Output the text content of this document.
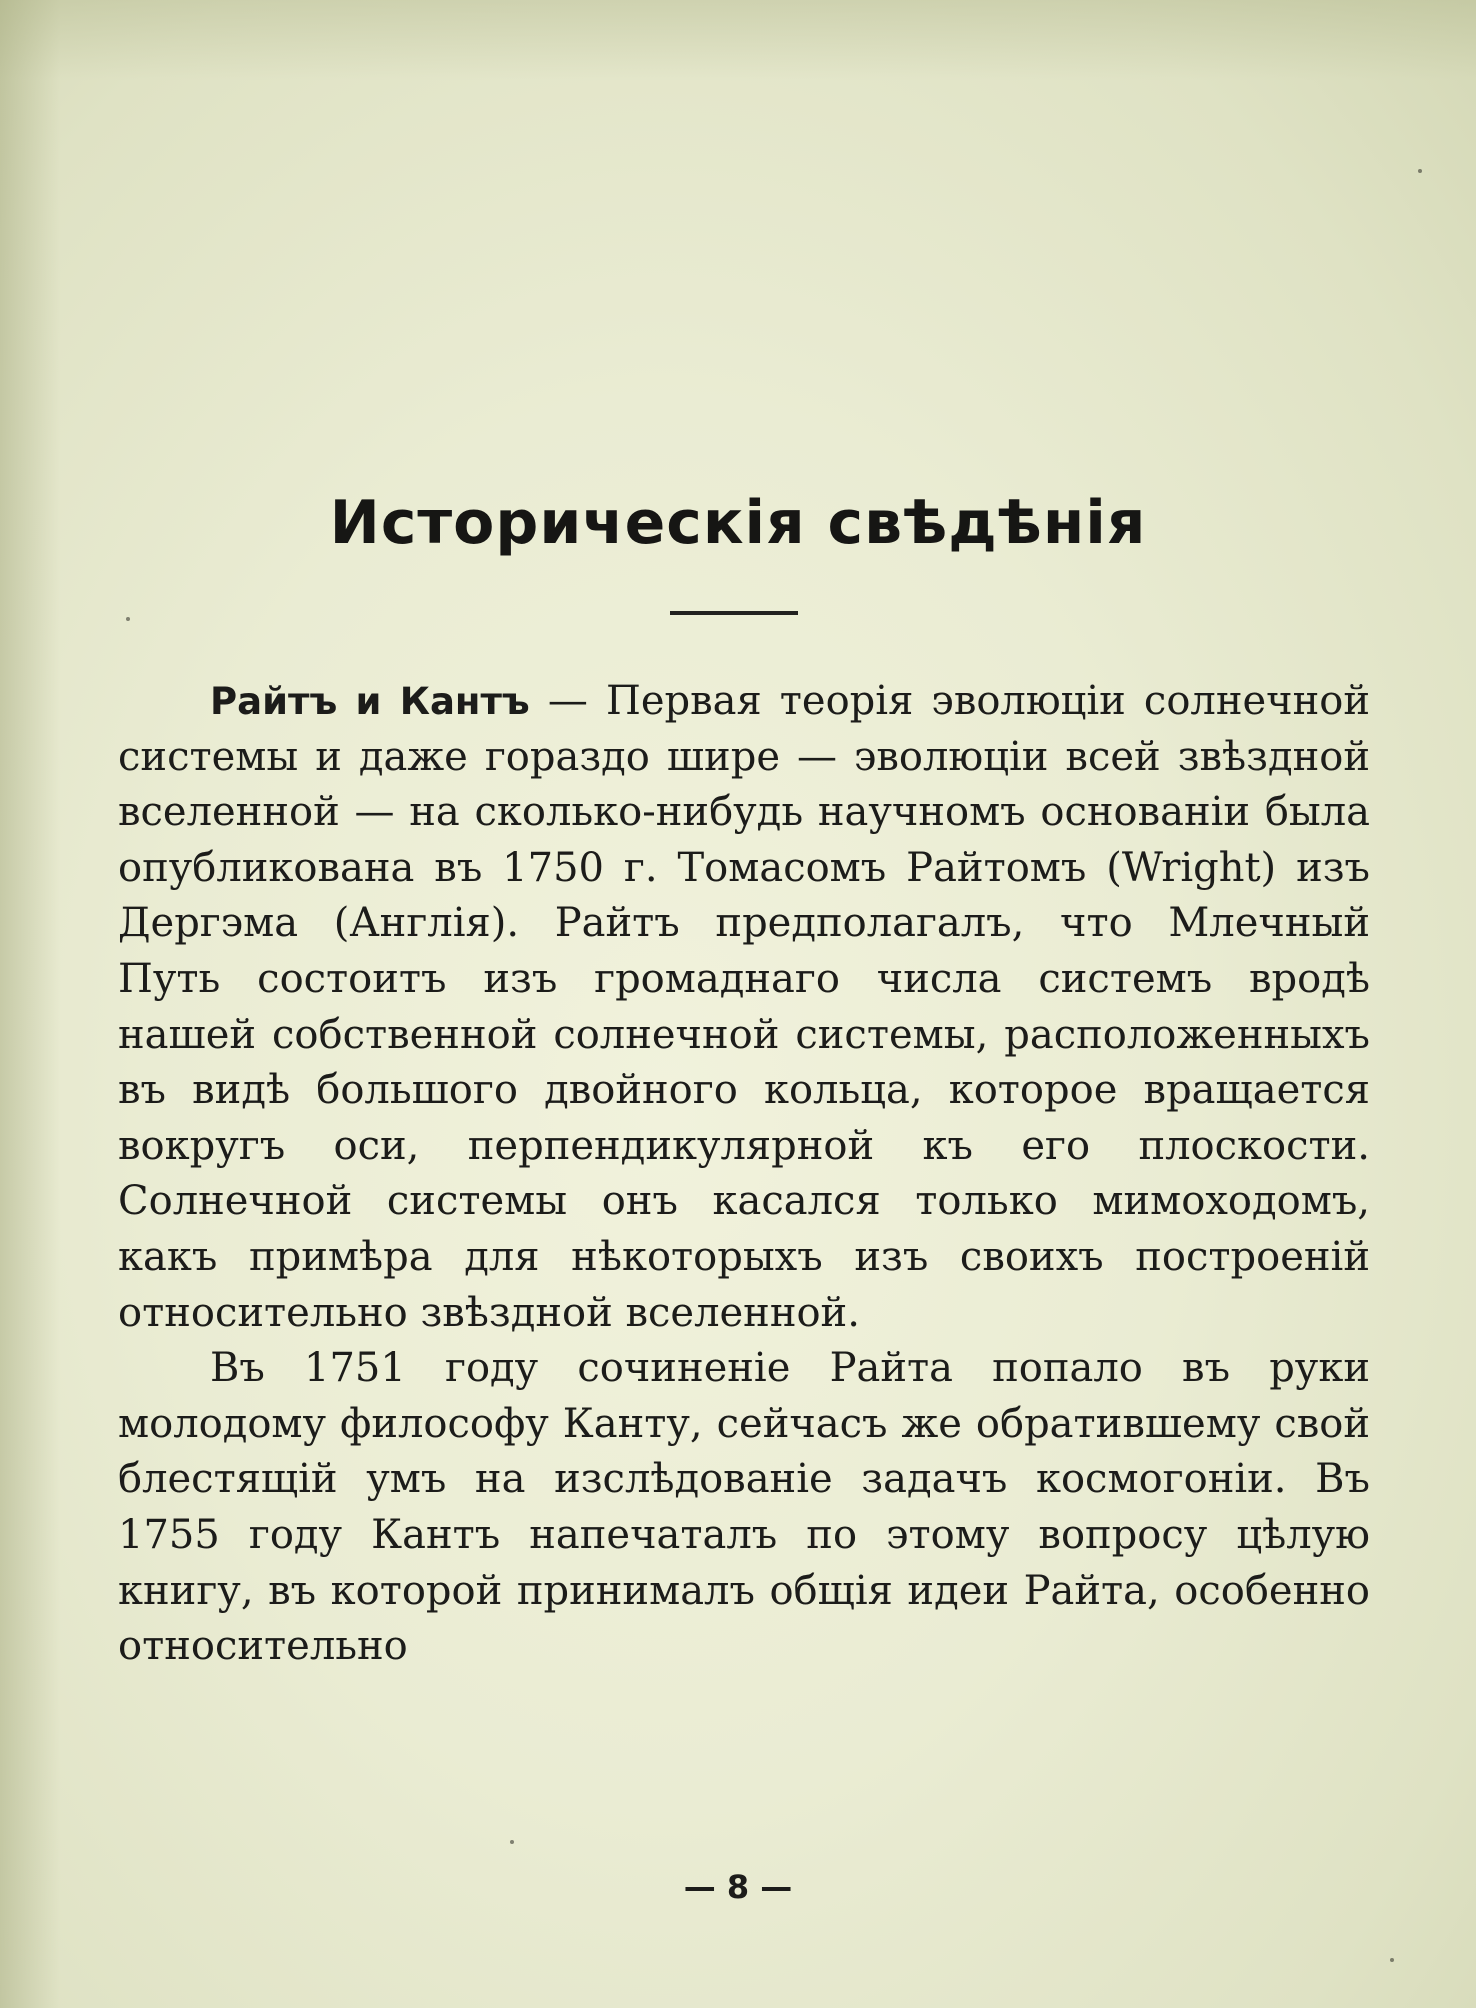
Историческія свѣдѣнія

Райтъ и Кантъ — Первая теорія эволюціи солнечной системы и даже гораздо шире — эволюціи всей звѣздной вселенной — на сколько-нибудь научномъ основаніи была опубликована въ 1750 г. Томасомъ Райтомъ (Wright) изъ Дергэма (Англія). Райтъ предполагалъ, что Млечный Путь состоитъ изъ громаднаго числа системъ вродѣ нашей собственной солнечной системы, расположенныхъ въ видѣ большого двойного кольца, которое вращается вокругъ оси, перпендикулярной къ его плоскости. Солнечной системы онъ касался только мимоходомъ, какъ примѣра для нѣкоторыхъ изъ своихъ построеній относительно звѣздной вселенной.

Въ 1751 году сочиненіе Райта попало въ руки молодому философу Канту, сейчасъ же обратившему свой блестящій умъ на изслѣдованіе задачъ космогоніи. Въ 1755 году Кантъ напечаталъ по этому вопросу цѣлую книгу, въ которой принималъ общія идеи Райта, особенно относительно

— 8 —
